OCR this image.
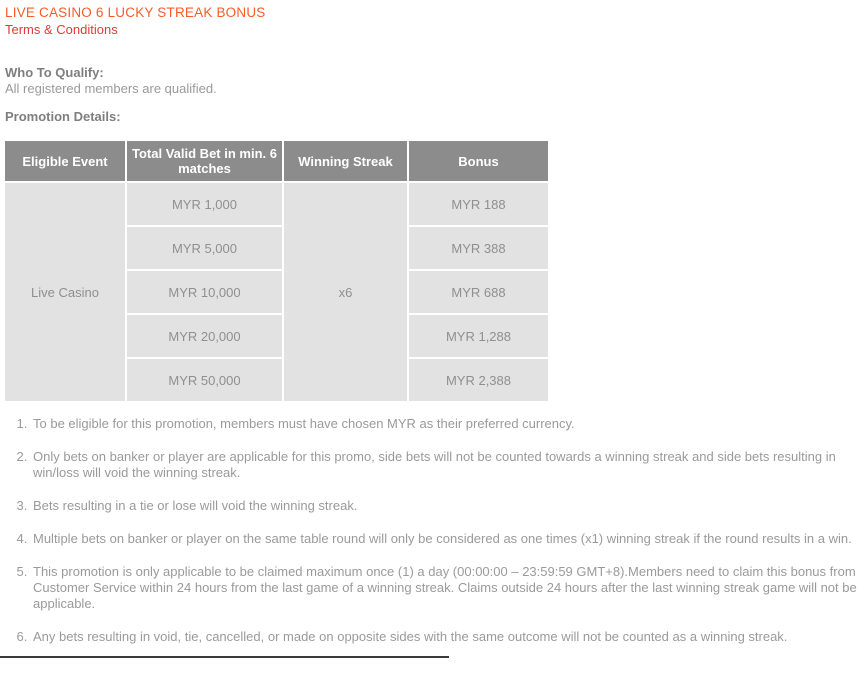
LIVE CASINO 6 LUCKY STREAK BONUS
Terms & Conditions
Who To Qualify:
All registered members are qualified.
Promotion Details:
Eligible Event	Total Valid Bet in min. 6 matches	Winning Streak	Bonus
Live Casino	MYR 1,000	x6	MYR 188
	MYR 5,000		MYR 388
	MYR 10,000		MYR 688
	MYR 20,000		MYR 1,288
	MYR 50,000		MYR 2,388
1. To be eligible for this promotion, members must have chosen MYR as their preferred currency.
2. Only bets on banker or player are applicable for this promo, side bets will not be counted towards a winning streak and side bets resulting in win/loss will void the winning streak.
3. Bets resulting in a tie or lose will void the winning streak.
4. Multiple bets on banker or player on the same table round will only be considered as one times (x1) winning streak if the round results in a win.
5. This promotion is only applicable to be claimed maximum once (1) a day (00:00:00 – 23:59:59 GMT+8).Members need to claim this bonus from Customer Service within 24 hours from the last game of a winning streak. Claims outside 24 hours after the last winning streak game will not be applicable.
6. Any bets resulting in void, tie, cancelled, or made on opposite sides with the same outcome will not be counted as a winning streak.
